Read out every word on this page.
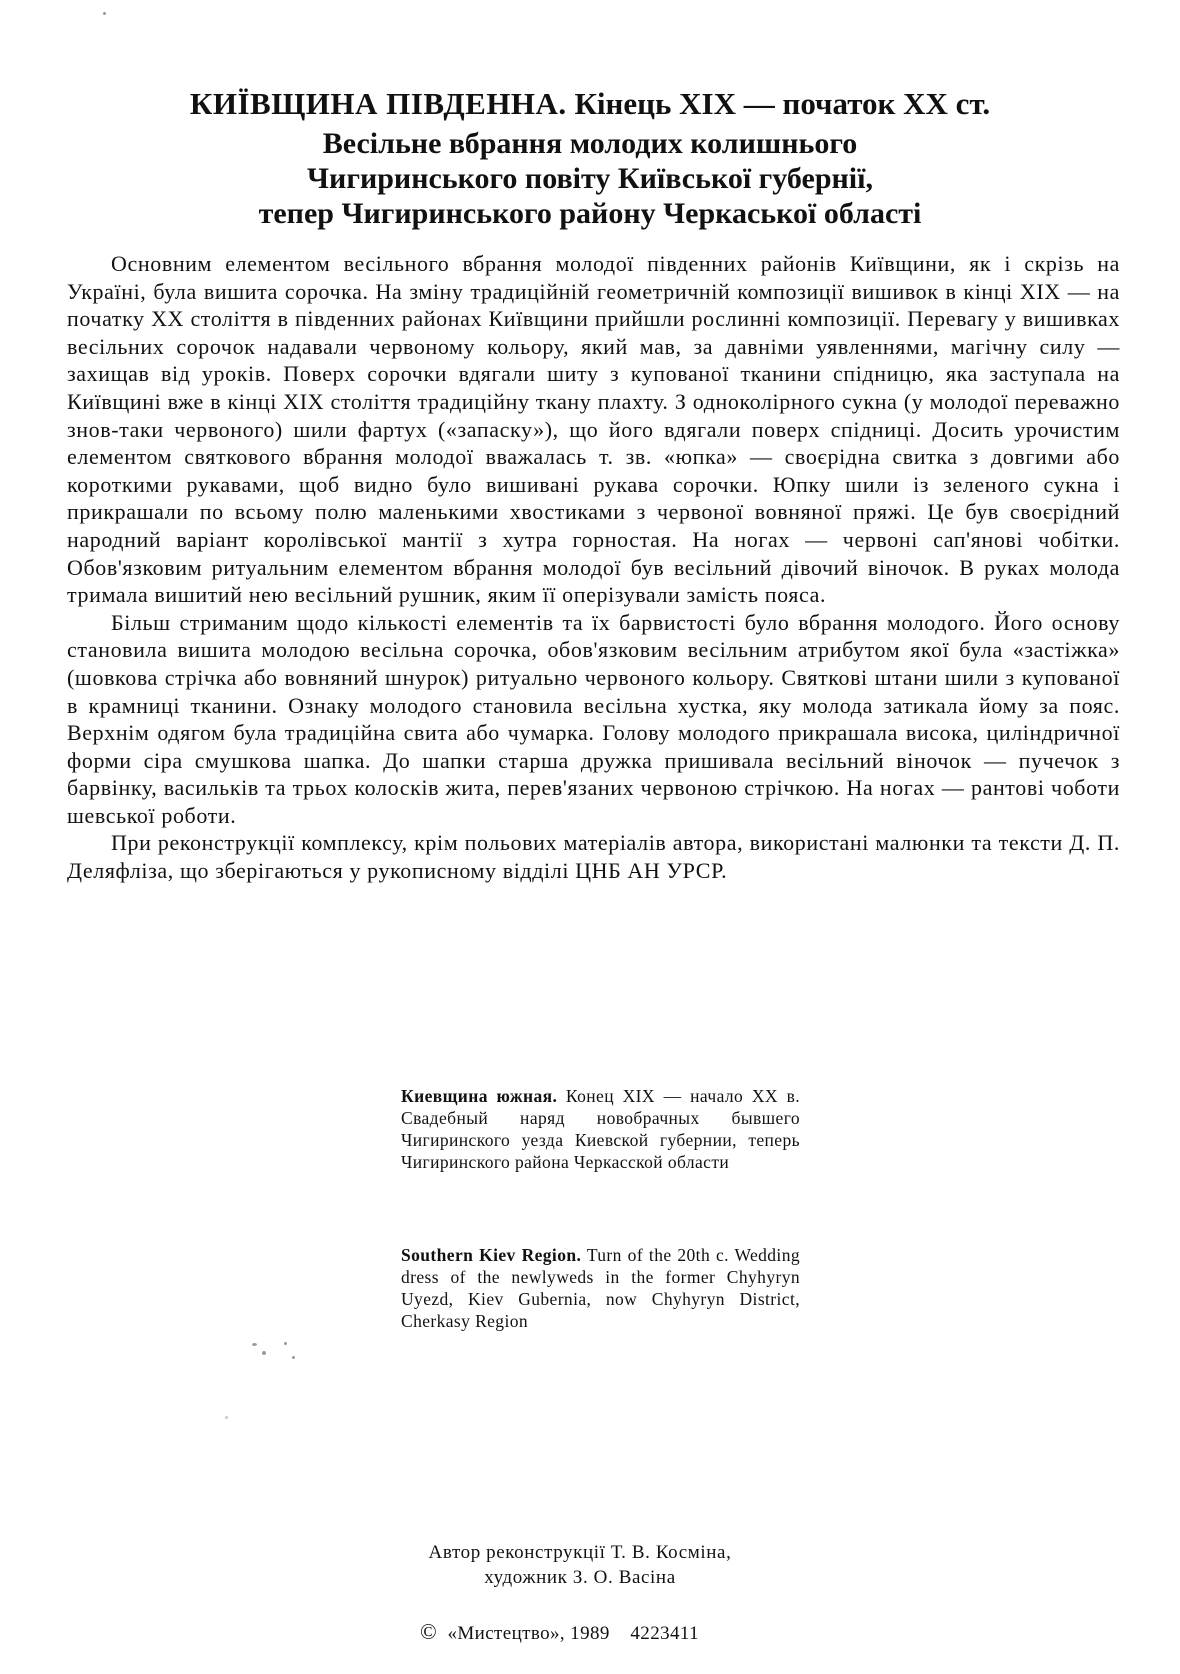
КИЇВЩИНА ПІВДЕННА. Кінець XIX — початок XX ст.
Весільне вбрання молодих колишнього
Чигиринського повіту Київської губернії,
тепер Чигиринського району Черкаської області

Основним елементом весільного вбрання молодої південних районів Київщини, як і скрізь на Україні, була вишита сорочка. На зміну традиційній геометричній композиції вишивок в кінці XIX — на початку XX століття в південних районах Київщини прийшли рослинні композиції. Перевагу у вишивках весільних сорочок надавали червоному кольору, який мав, за давніми уявленнями, магічну силу — захищав від уроків. Поверх сорочки вдягали шиту з купованої тканини спідницю, яка заступала на Київщині вже в кінці XIX століття традиційну ткану плахту. З одноколірного сукна (у молодої переважно знов-таки червоного) шили фартух («запаску»), що його вдягали поверх спідниці. Досить урочистим елементом святкового вбрання молодої вважалась т. зв. «юпка» — своєрідна свитка з довгими або короткими рукавами, щоб видно було вишивані рукава сорочки. Юпку шили із зеленого сукна і прикрашали по всьому полю маленькими хвостиками з червоної вовняної пряжі. Це був своєрідний народний варіант королівської мантії з хутра горностая. На ногах — червоні сап'янові чобітки. Обов'язковим ритуальним елементом вбрання молодої був весільний дівочий віночок. В руках молода тримала вишитий нею весільний рушник, яким її оперізували замість пояса.

Більш стриманим щодо кількості елементів та їх барвистості було вбрання молодого. Його основу становила вишита молодою весільна сорочка, обов'язковим весільним атрибутом якої була «застіжка» (шовкова стрічка або вовняний шнурок) ритуально червоного кольору. Святкові штани шили з купованої в крамниці тканини. Ознаку молодого становила весільна хустка, яку молода затикала йому за пояс. Верхнім одягом була традиційна свита або чумарка. Голову молодого прикрашала висока, циліндричної форми сіра смушкова шапка. До шапки старша дружка пришивала весільний віночок — пучечок з барвінку, васильків та трьох колосків жита, перев'язаних червоною стрічкою. На ногах — рантові чоботи шевської роботи.

При реконструкції комплексу, крім польових матеріалів автора, використані малюнки та тексти Д. П. Деляфліза, що зберігаються у рукописному відділі ЦНБ АН УРСР.

Киевщина южная. Конец XIX — начало XX в. Свадебный наряд новобрачных бывшего Чигиринского уезда Киевской губернии, теперь Чигиринского района Черкасской области
Southern Kiev Region. Turn of the 20th c. Wedding dress of the newlyweds in the former Chyhyryn Uyezd, Kiev Gubernia, now Chyhyryn District, Cherkasy Region
Автор реконструкції Т. В. Косміна,
художник З. О. Васіна
© «Мистецтво», 1989 4223411
